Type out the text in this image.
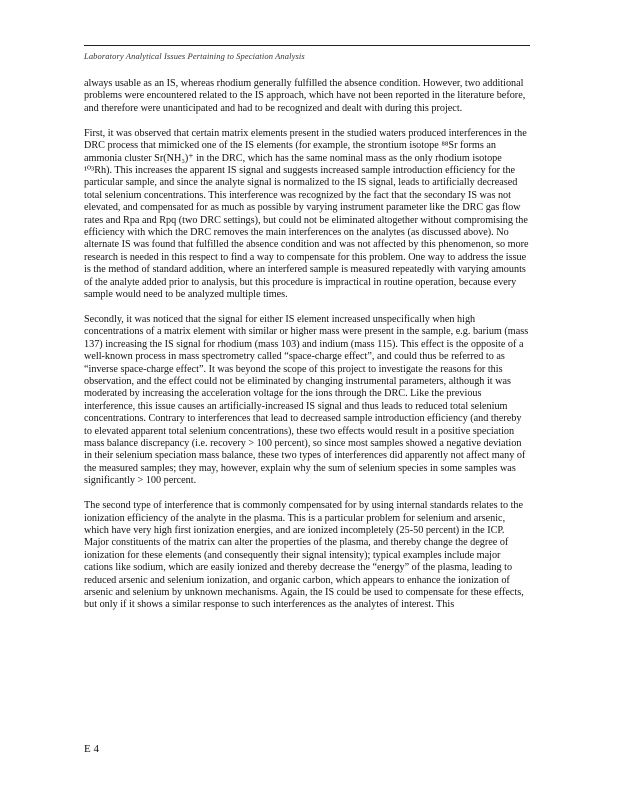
Laboratory Analytical Issues Pertaining to Speciation Analysis

always usable as an IS, whereas rhodium generally fulfilled the absence condition. However, two additional problems were encountered related to the IS approach, which have not been reported in the literature before, and therefore were unanticipated and had to be recognized and dealt with during this project.

First, it was observed that certain matrix elements present in the studied waters produced interferences in the DRC process that mimicked one of the IS elements (for example, the strontium isotope ⁸⁸Sr forms an ammonia cluster Sr(NH₃)⁺ in the DRC, which has the same nominal mass as the only rhodium isotope ¹⁰³Rh). This increases the apparent IS signal and suggests increased sample introduction efficiency for the particular sample, and since the analyte signal is normalized to the IS signal, leads to artificially decreased total selenium concentrations. This interference was recognized by the fact that the secondary IS was not elevated, and compensated for as much as possible by varying instrument parameter like the DRC gas flow rates and Rpa and Rpq (two DRC settings), but could not be eliminated altogether without compromising the efficiency with which the DRC removes the main interferences on the analytes (as discussed above). No alternate IS was found that fulfilled the absence condition and was not affected by this phenomenon, so more research is needed in this respect to find a way to compensate for this problem. One way to address the issue is the method of standard addition, where an interfered sample is measured repeatedly with varying amounts of the analyte added prior to analysis, but this procedure is impractical in routine operation, because every sample would need to be analyzed multiple times.

Secondly, it was noticed that the signal for either IS element increased unspecifically when high concentrations of a matrix element with similar or higher mass were present in the sample, e.g. barium (mass 137) increasing the IS signal for rhodium (mass 103) and indium (mass 115). This effect is the opposite of a well-known process in mass spectrometry called “space-charge effect”, and could thus be referred to as “inverse space-charge effect”. It was beyond the scope of this project to investigate the reasons for this observation, and the effect could not be eliminated by changing instrumental parameters, although it was moderated by increasing the acceleration voltage for the ions through the DRC. Like the previous interference, this issue causes an artificially-increased IS signal and thus leads to reduced total selenium concentrations. Contrary to interferences that lead to decreased sample introduction efficiency (and thereby to elevated apparent total selenium concentrations), these two effects would result in a positive speciation mass balance discrepancy (i.e. recovery > 100 percent), so since most samples showed a negative deviation in their selenium speciation mass balance, these two types of interferences did apparently not affect many of the measured samples; they may, however, explain why the sum of selenium species in some samples was significantly > 100 percent.

The second type of interference that is commonly compensated for by using internal standards relates to the ionization efficiency of the analyte in the plasma. This is a particular problem for selenium and arsenic, which have very high first ionization energies, and are ionized incompletely (25-50 percent) in the ICP. Major constituents of the matrix can alter the properties of the plasma, and thereby change the degree of ionization for these elements (and consequently their signal intensity); typical examples include major cations like sodium, which are easily ionized and thereby decrease the “energy” of the plasma, leading to reduced arsenic and selenium ionization, and organic carbon, which appears to enhance the ionization of arsenic and selenium by unknown mechanisms. Again, the IS could be used to compensate for these effects, but only if it shows a similar response to such interferences as the analytes of interest. This

E 4
